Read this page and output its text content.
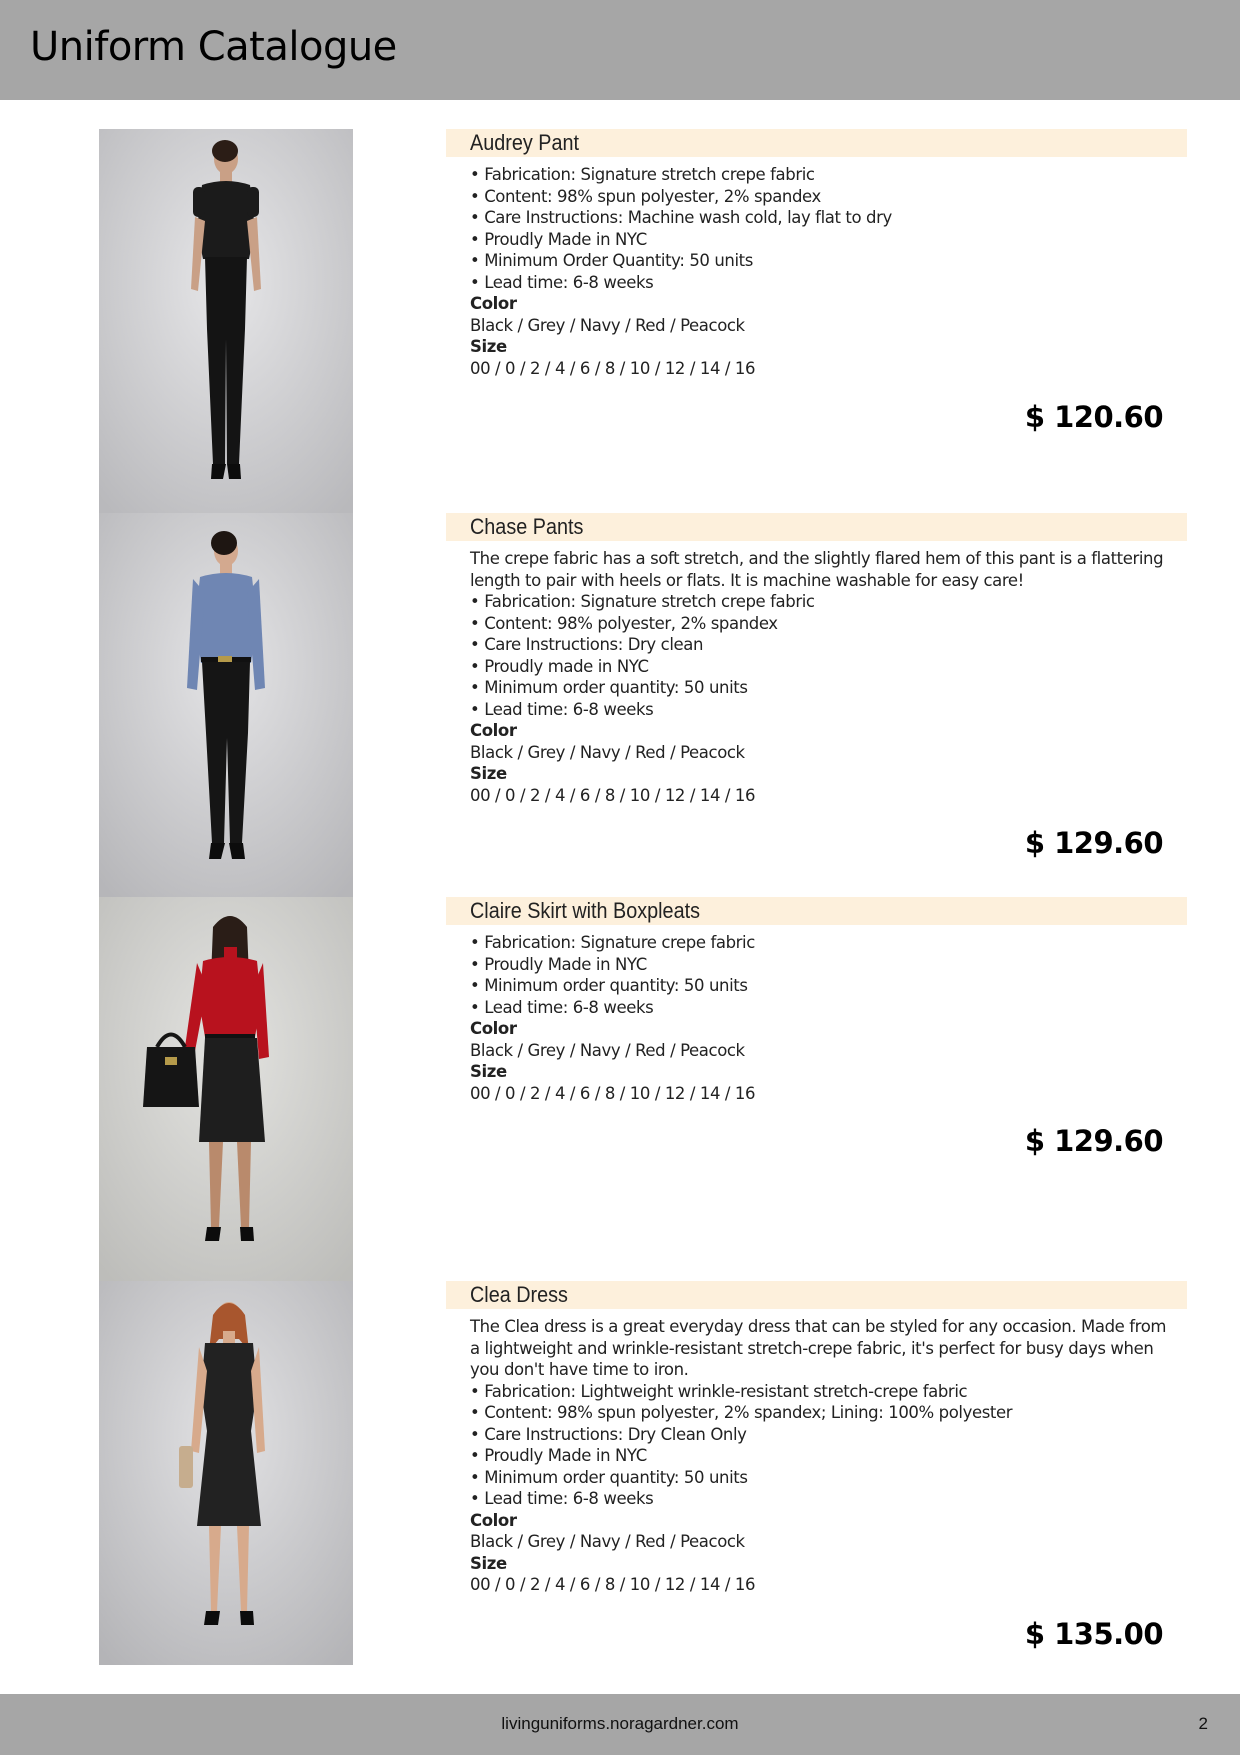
Uniform Catalogue
Audrey Pant
• Fabrication: Signature stretch crepe fabric
• Content: 98% spun polyester, 2% spandex
• Care Instructions: Machine wash cold, lay flat to dry
• Proudly Made in NYC
• Minimum Order Quantity: 50 units
• Lead time: 6-8 weeks

Color

Black / Grey / Navy / Red / Peacock

Size

00 / 0 / 2 / 4 / 6 / 8 / 10 / 12 / 14 / 16

$ 120.60
Chase Pants

The crepe fabric has a soft stretch, and the slightly flared hem of this pant is a flattering length to pair with heels or flats. It is machine washable for easy care!

• Fabrication: Signature stretch crepe fabric
• Content: 98% polyester, 2% spandex
• Care Instructions: Dry clean
• Proudly made in NYC
• Minimum order quantity: 50 units
• Lead time: 6-8 weeks

Color

Black / Grey / Navy / Red / Peacock

Size

00 / 0 / 2 / 4 / 6 / 8 / 10 / 12 / 14 / 16

$ 129.60
Claire Skirt with Boxpleats
• Fabrication: Signature crepe fabric
• Proudly Made in NYC
• Minimum order quantity: 50 units
• Lead time: 6-8 weeks

Color

Black / Grey / Navy / Red / Peacock

Size

00 / 0 / 2 / 4 / 6 / 8 / 10 / 12 / 14 / 16

$ 129.60
Clea Dress

The Clea dress is a great everyday dress that can be styled for any occasion. Made from a lightweight and wrinkle-resistant stretch-crepe fabric, it's perfect for busy days when you don't have time to iron.

• Fabrication: Lightweight wrinkle-resistant stretch-crepe fabric
• Content: 98% spun polyester, 2% spandex; Lining: 100% polyester
• Care Instructions: Dry Clean Only
• Proudly Made in NYC
• Minimum order quantity: 50 units
• Lead time: 6-8 weeks

Color

Black / Grey / Navy / Red / Peacock

Size

00 / 0 / 2 / 4 / 6 / 8 / 10 / 12 / 14 / 16

$ 135.00
livinguniforms.noragardner.com	2
